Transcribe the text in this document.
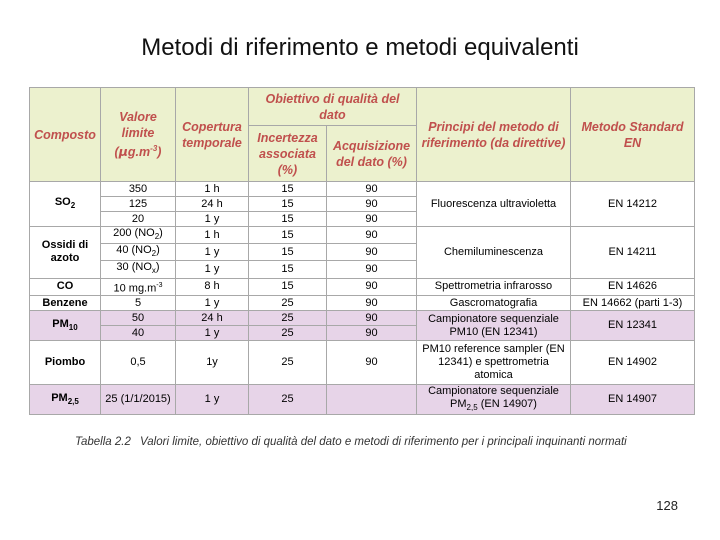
Metodi di riferimento e metodi equivalenti
Composto	Valore limite $(\mu g.m^{-3})$	Copertura temporale	Obiettivo di qualità del dato		Principi del metodo di riferimento (da direttive)	Metodo Standard EN
			Incertezza associata (%)	Acquisizione del dato (%)		
$SO_2$	350	1 h	15	90	Fluorescenza ultravioletta	EN 14212
	125	24 h	15	90		
	20	1 y	15	90		
Ossidi di azoto	200 $(NO_2)$	1 h	15	90	Chemiluminescenza	EN 14211
	40 $(NO_2)$	1 y	15	90		
	30 $(NO_x)$	1 y	15	90		
CO	10 $mg.m^{-3}$	8 h	15	90	Spettrometria infrarosso	EN 14626
Benzene	5	1 y	25	90	Gascromatografia	EN 14662 (parti 1-3)
$PM_{10}$	50	24 h	25	90	Campionatore sequenziale PM10 (EN 12341)	EN 12341
	40	1 y	25	90		
Piombo	0,5	1y	25	90	PM10 reference sampler (EN 12341) e spettrometria atomica	EN 14902
$PM_{2,5}$	25 (1/1/2015)	1 y	25		Campionatore sequenziale $PM_{2,5}$ (EN 14907)	EN 14907
Tabella 2.2 Valori limite, obiettivo di qualità del dato e metodi di riferimento per i principali inquinanti normati
128
